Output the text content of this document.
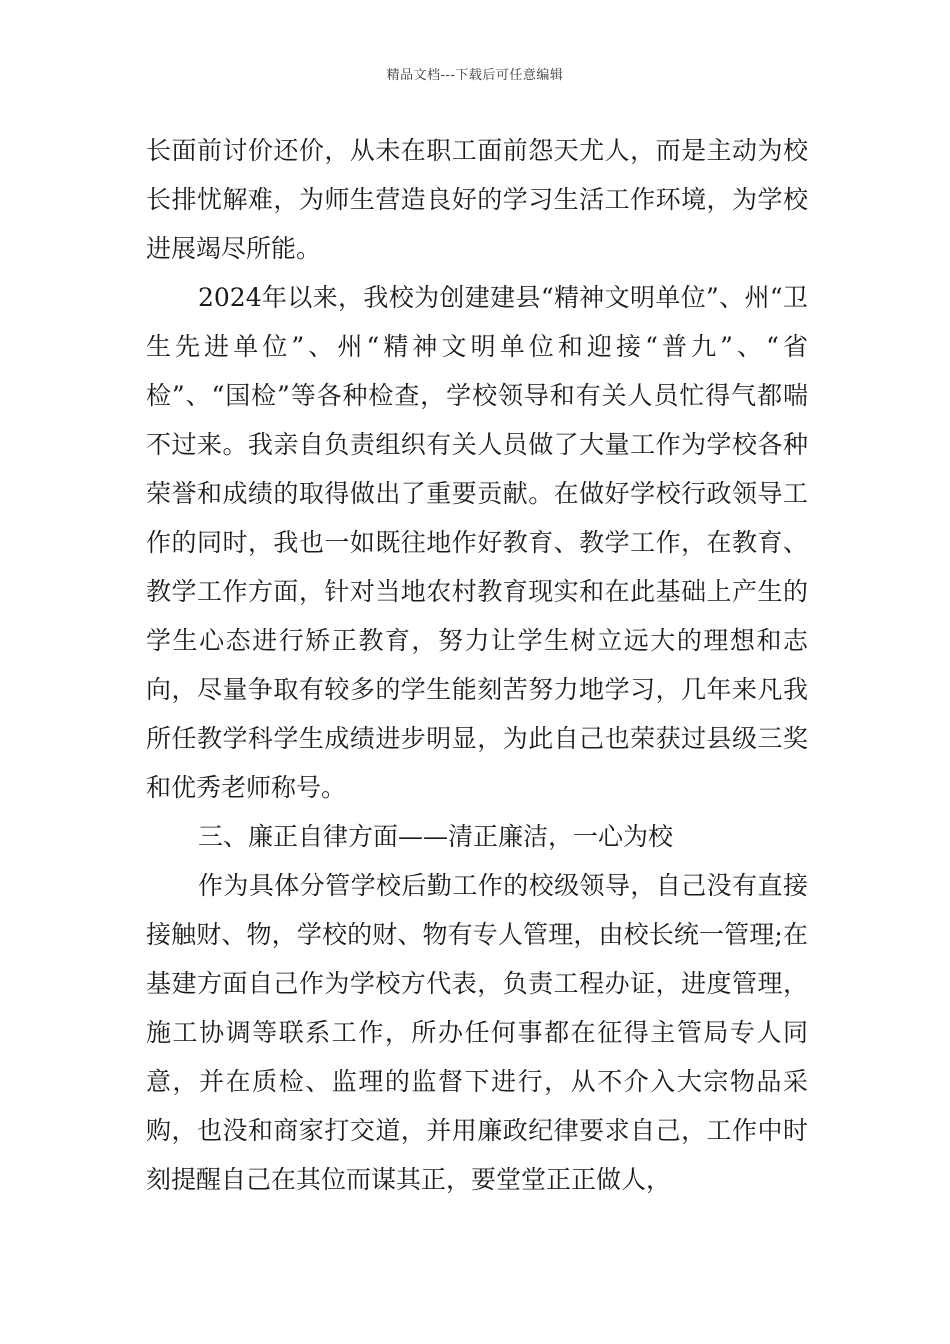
精品文档---下载后可任意编辑

长面前讨价还价，从未在职工面前怨天尤人，而是主动为校长排忧解难，为师生营造良好的学习生活工作环境，为学校进展竭尽所能。

2024年以来，我校为创建建县“精神文明单位”、州“卫生先进单位”、州“精神文明单位和迎接“普九”、“省检”、“国检”等各种检查，学校领导和有关人员忙得气都喘不过来。我亲自负责组织有关人员做了大量工作为学校各种荣誉和成绩的取得做出了重要贡献。在做好学校行政领导工作的同时，我也一如既往地作好教育、教学工作，在教育、教学工作方面，针对当地农村教育现实和在此基础上产生的学生心态进行矫正教育，努力让学生树立远大的理想和志向，尽量争取有较多的学生能刻苦努力地学习，几年来凡我所任教学科学生成绩进步明显，为此自己也荣获过县级三奖和优秀老师称号。

三、廉正自律方面——清正廉洁，一心为校

作为具体分管学校后勤工作的校级领导，自己没有直接接触财、物，学校的财、物有专人管理，由校长统一管理;在基建方面自己作为学校方代表，负责工程办证，进度管理，施工协调等联系工作，所办任何事都在征得主管局专人同意，并在质检、监理的监督下进行，从不介入大宗物品采购，也没和商家打交道，并用廉政纪律要求自己，工作中时刻提醒自己在其位而谋其正，要堂堂正正做人，
